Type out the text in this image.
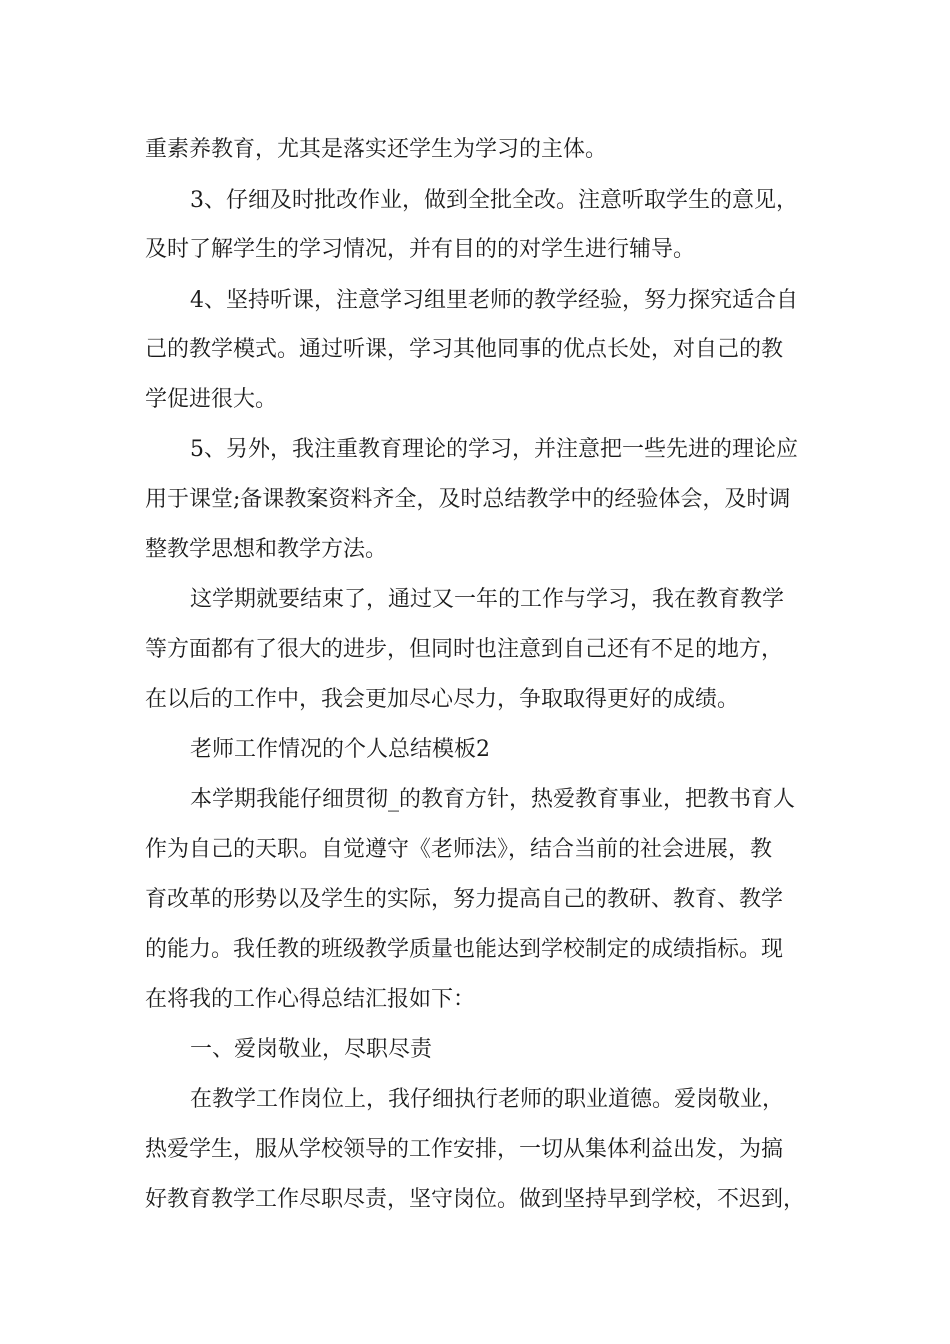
重素养教育，尤其是落实还学生为学习的主体。
3、仔细及时批改作业，做到全批全改。注意听取学生的意见，
及时了解学生的学习情况，并有目的的对学生进行辅导。
4、坚持听课，注意学习组里老师的教学经验，努力探究适合自
己的教学模式。通过听课，学习其他同事的优点长处，对自己的教
学促进很大。
5、另外，我注重教育理论的学习，并注意把一些先进的理论应
用于课堂;备课教案资料齐全，及时总结教学中的经验体会，及时调
整教学思想和教学方法。
这学期就要结束了，通过又一年的工作与学习，我在教育教学
等方面都有了很大的进步，但同时也注意到自己还有不足的地方，
在以后的工作中，我会更加尽心尽力，争取取得更好的成绩。
老师工作情况的个人总结模板2
本学期我能仔细贯彻_的教育方针，热爱教育事业，把教书育人
作为自己的天职。自觉遵守《老师法》，结合当前的社会进展，教
育改革的形势以及学生的实际，努力提高自己的教研、教育、教学
的能力。我任教的班级教学质量也能达到学校制定的成绩指标。现
在将我的工作心得总结汇报如下：
一、爱岗敬业，尽职尽责
在教学工作岗位上，我仔细执行老师的职业道德。爱岗敬业，
热爱学生，服从学校领导的工作安排，一切从集体利益出发，为搞
好教育教学工作尽职尽责，坚守岗位。做到坚持早到学校，不迟到，
